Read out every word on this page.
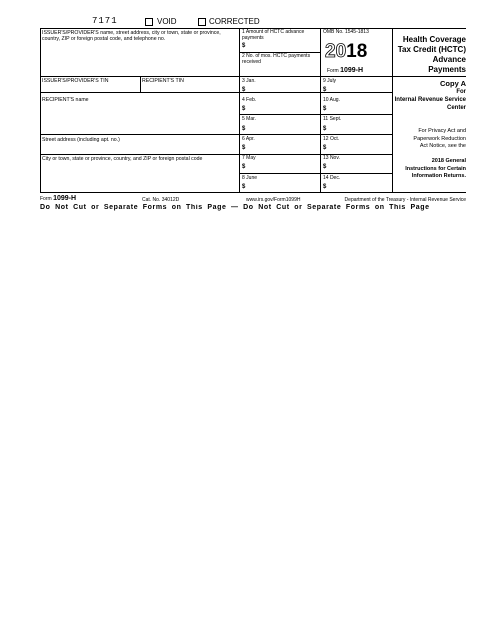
7171	VOID	CORRECTED
ISSUER'S/PROVIDER'S name, street address, city or town, state or province, country, ZIP or foreign postal code, and telephone no.
ISSUER'S/PROVIDER'S TIN	RECIPIENT'S TIN
RECIPIENT'S name
Street address (including apt. no.)
City or town, state or province, country, and ZIP or foreign postal code
1 Amount of HCTC advance payments
$
2 No. of mos. HCTC payments received
3 Jan.
$
4 Feb.
$
5 Mar.
$
6 Apr.
$
7 May
$
8 June
$
9 July
$
10 Aug.
$
11 Sept.
$
12 Oct.
$
13 Nov.
$
14 Dec.
$
OMB No. 1545-1813
2018
Form 1099-H
Health Coverage Tax Credit (HCTC) Advance Payments
Copy A
For
Internal Revenue Service Center
For Privacy Act and Paperwork Reduction Act Notice, see the
2018 General Instructions for Certain Information Returns.
Form 1099-H	Cat. No. 34012D	www.irs.gov/Form1099H	Department of the Treasury - Internal Revenue Service
Do Not Cut or Separate Forms on This Page — Do Not Cut or Separate Forms on This Page
